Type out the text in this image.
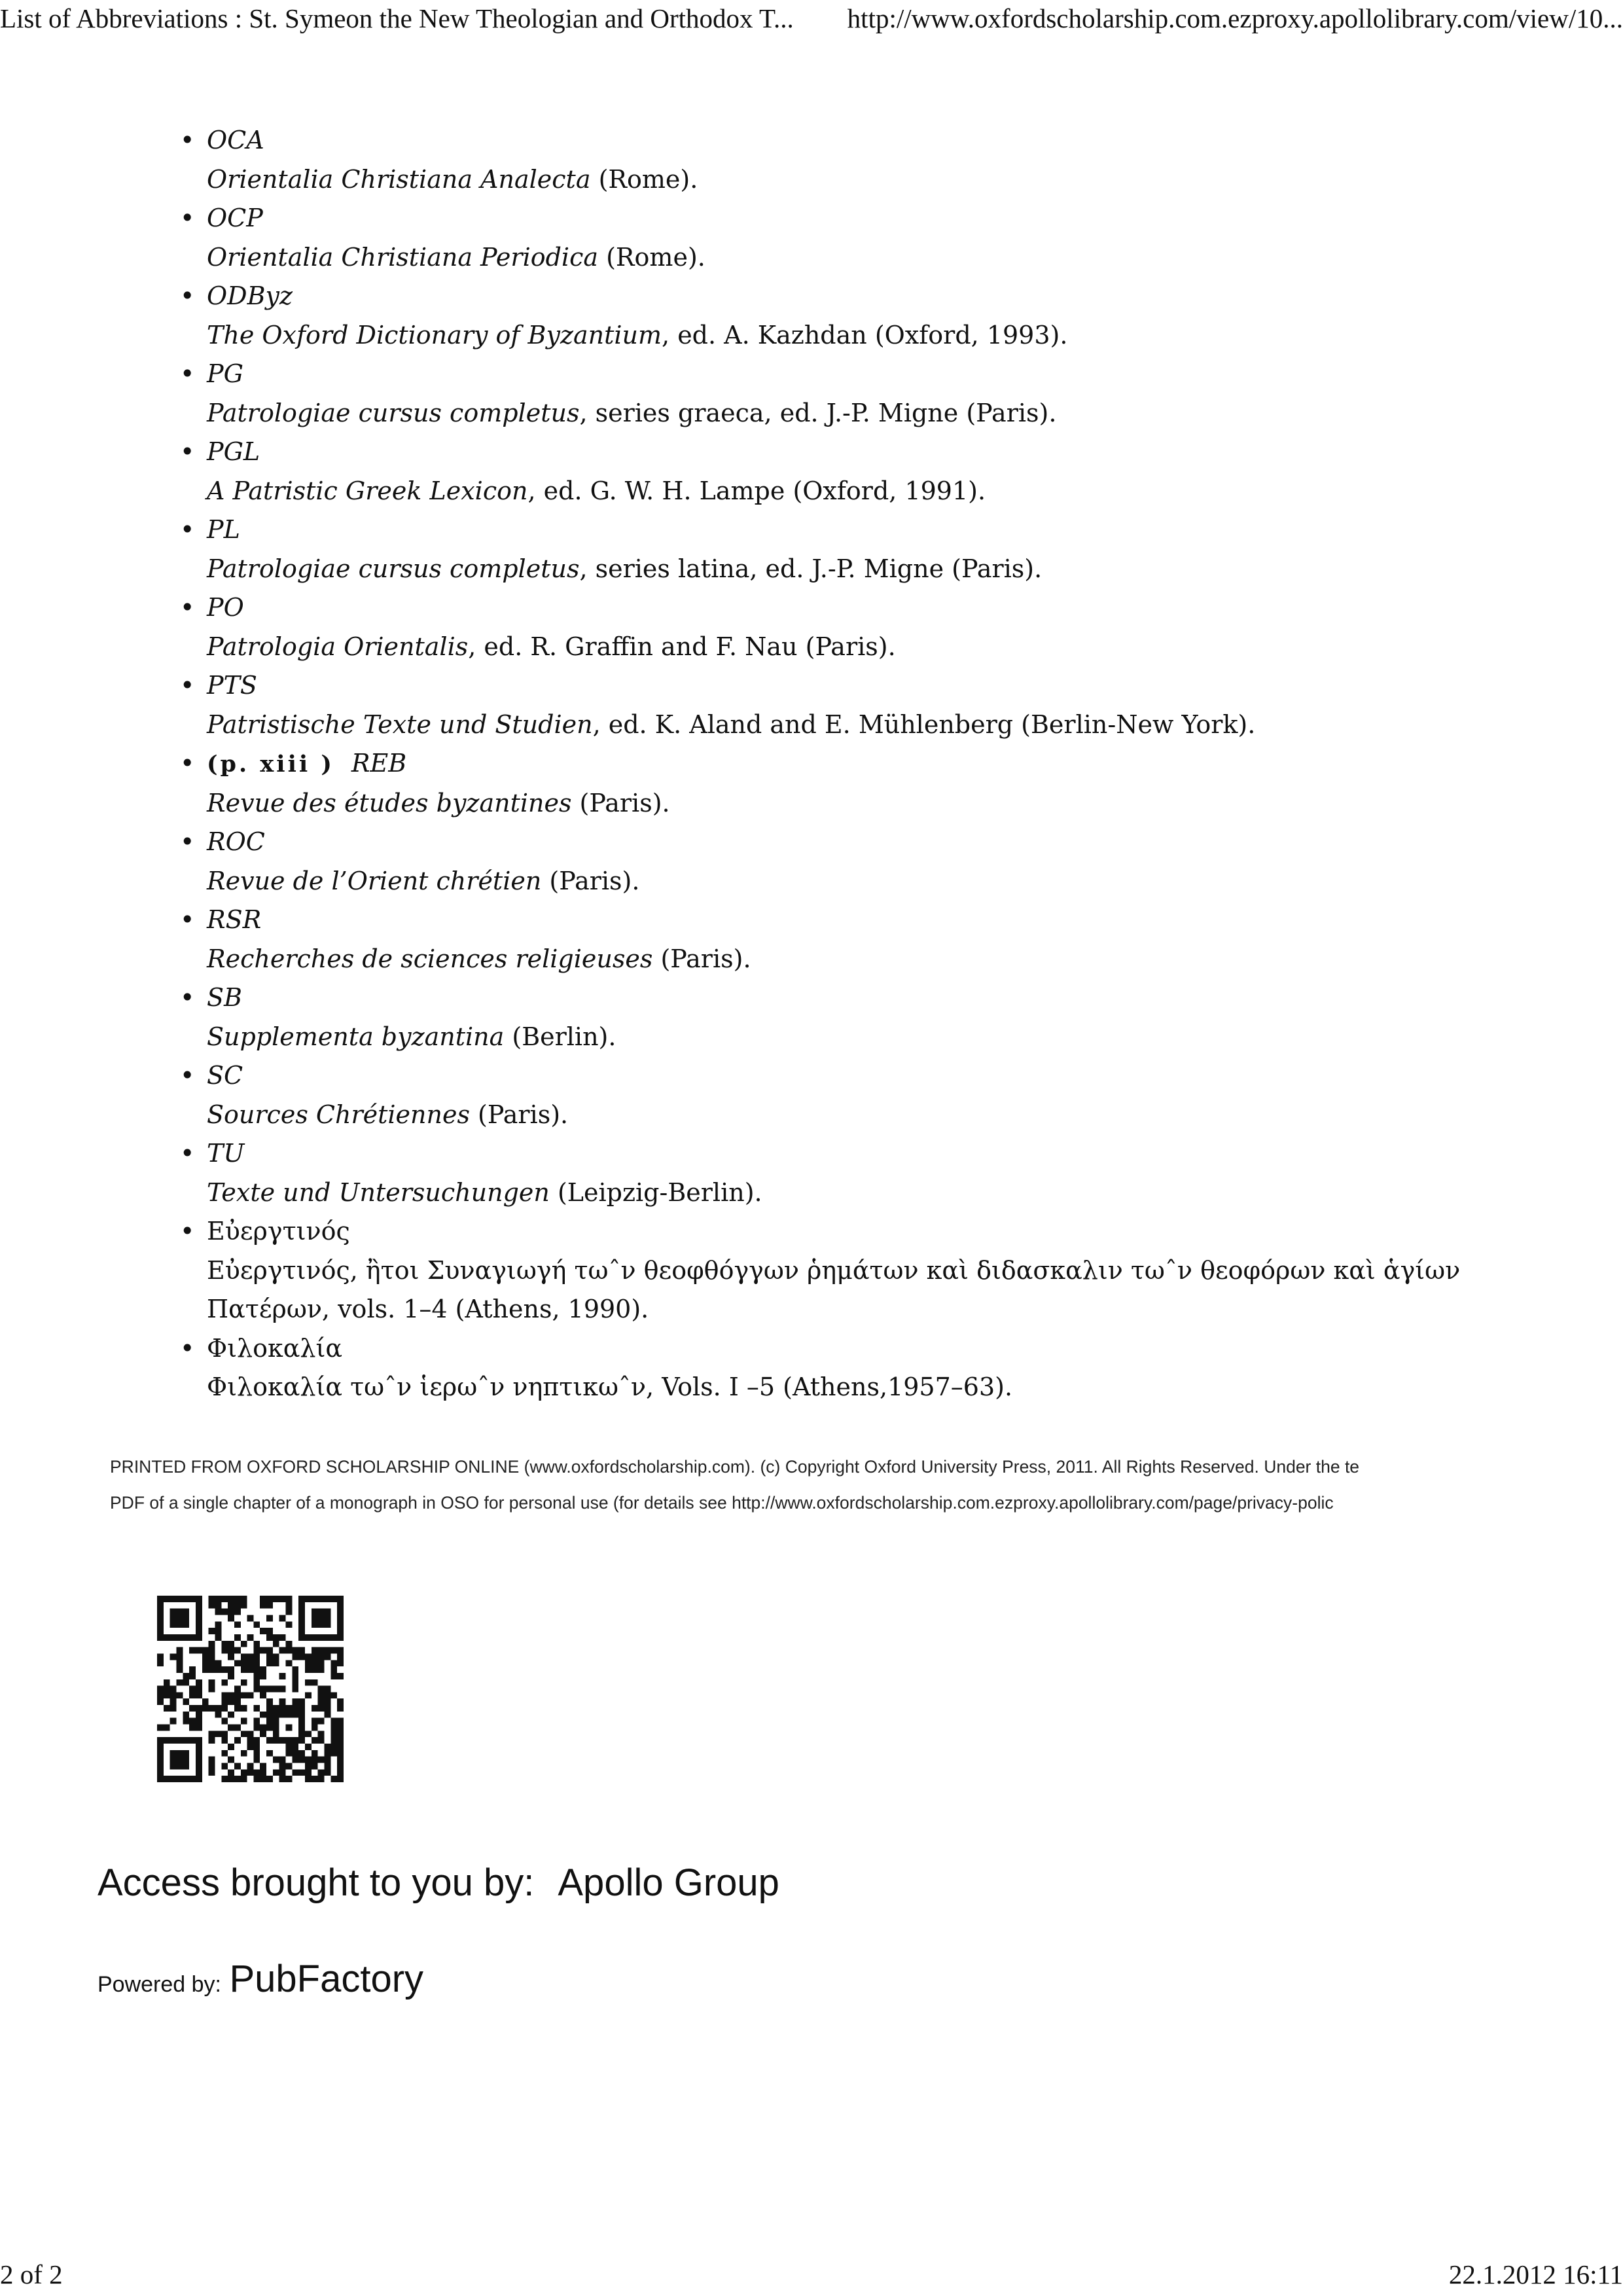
List of Abbreviations : St. Symeon the New Theologian and Orthodox T... http://www.oxfordscholarship.com.ezproxy.apollolibrary.com/view/10...
• OCA
Orientalia Christiana Analecta (Rome).
• OCP
Orientalia Christiana Periodica (Rome).
• ODByz
The Oxford Dictionary of Byzantium, ed. A. Kazhdan (Oxford, 1993).
• PG
Patrologiae cursus completus, series graeca, ed. J.-P. Migne (Paris).
• PGL
A Patristic Greek Lexicon, ed. G. W. H. Lampe (Oxford, 1991).
• PL
Patrologiae cursus completus, series latina, ed. J.-P. Migne (Paris).
• PO
Patrologia Orientalis, ed. R. Graffin and F. Nau (Paris).
• PTS
Patristische Texte und Studien, ed. K. Aland and E. Mühlenberg (Berlin-New York).
• (p. xiii ) REB
Revue des études byzantines (Paris).
• ROC
Revue de l’Orient chrétien (Paris).
• RSR
Recherches de sciences religieuses (Paris).
• SB
Supplementa byzantina (Berlin).
• SC
Sources Chrétiennes (Paris).
• TU
Texte und Untersuchungen (Leipzig-Berlin).
• Εὐεργτινός
Εὐεργτινός, ἢτοι Συναγιωγή τωˆν θεοφθόγγων ῥημάτων καὶ διδασκαλιν τωˆν θεοφόρων καὶ ἁγίων Πατέρων, vols. 1–4 (Athens, 1990).
• Φιλοκαλία
Φιλοκαλία τωˆν ἱερωˆν νηπτικωˆν, Vols. I –5 (Athens,1957–63).
PRINTED FROM OXFORD SCHOLARSHIP ONLINE (www.oxfordscholarship.com). (c) Copyright Oxford University Press, 2011. All Rights Reserved. Under the te
PDF of a single chapter of a monograph in OSO for personal use (for details see http://www.oxfordscholarship.com.ezproxy.apollolibrary.com/page/privacy-polic
Access brought to you by: Apollo Group
Powered by: PubFactory
2 of 2	22.1.2012 16:11
